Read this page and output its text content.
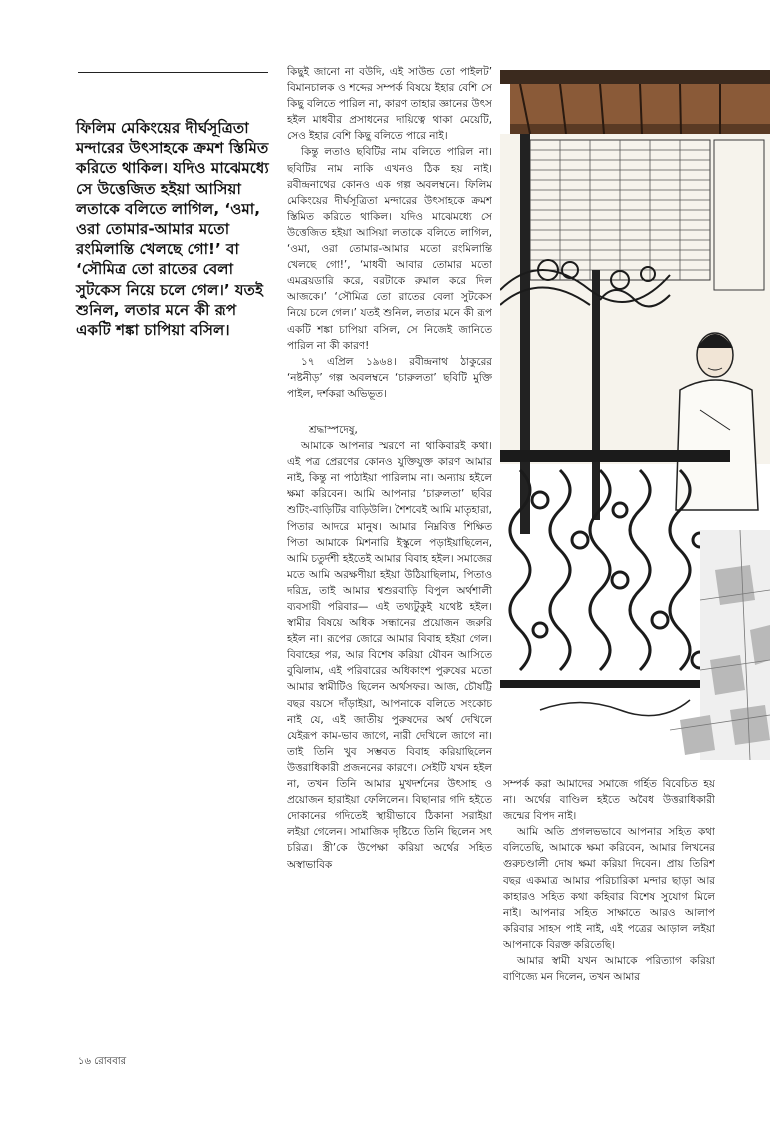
ফিলিম মেকিংয়ের দীর্ঘসূত্রিতা মন্দারের উৎসাহকে ক্রমশ স্তিমিত করিতে থাকিল। যদিও মাঝেমধ্যে সে উত্তেজিত হইয়া আসিয়া লতাকে বলিতে লাগিল, ‘ওমা, ওরা তোমার-আমার মতো রংমিলান্তি খেলছে গো!’ বা ‘সৌমিত্র তো রাতের বেলা সুটকেস নিয়ে চলে গেল।’ যতই শুনিল, লতার মনে কী রূপ একটি শঙ্কা চাপিয়া বসিল।

কিছুই জানো না বউদি, এই সাউন্ড তো পাইলট’ বিমানচালক ও শব্দের সম্পর্ক বিষয়ে ইহার বেশি সে কিছু বলিতে পারিল না, কারণ তাহার জ্ঞানের উৎস হইল মাধবীর প্রসাধনের দায়িত্বে থাকা মেয়েটি, সেও ইহার বেশি কিছু বলিতে পারে নাই।

কিন্তু লতাও ছবিটির নাম বলিতে পারিল না। ছবিটির নাম নাকি এখনও ঠিক হয় নাই। রবীন্দ্রনাথের কোনও এক গল্প অবলম্বনে। ফিলিম মেকিংয়ের দীর্ঘসূত্রিতা মন্দারের উৎসাহকে ক্রমশ স্তিমিত করিতে থাকিল। যদিও মাঝেমধ্যে সে উত্তেজিত হইয়া আসিয়া লতাকে বলিতে লাগিল, ‘ওমা, ওরা তোমার-আমার মতো রংমিলান্তি খেলছে গো!’, ‘মাধবী আবার তোমার মতো এমব্রয়ডারি করে, বরটাকে রুমাল করে দিল আজকে।’ ‘সৌমিত্র তো রাতের বেলা সুটকেস নিয়ে চলে গেল।’ যতই শুনিল, লতার মনে কী রূপ একটি শঙ্কা চাপিয়া বসিল, সে নিজেই জানিতে পারিল না কী কারণ!

১৭ এপ্রিল ১৯৬৪। রবীন্দ্রনাথ ঠাকুরের ‘নষ্টনীড়’ গল্প অবলম্বনে ‘চারুলতা’ ছবিটি মুক্তি পাইল, দর্শকরা অভিভূত।

শ্রদ্ধাস্পদেষু,

আমাকে আপনার স্মরণে না থাকিবারই কথা। এই পত্র প্রেরণের কোনও যুক্তিযুক্ত কারণ আমার নাই, কিন্তু না পাঠাইয়া পারিলাম না। অন্যায় হইলে ক্ষমা করিবেন। আমি আপনার ‘চারুলতা’ ছবির শুটিং-বাড়িটির বাড়িউলি। শৈশবেই আমি মাতৃহারা, পিতার আদরে মানুষ। আমার নিম্নবিত্ত শিক্ষিত পিতা আমাকে মিশনারি ইস্কুলে পড়াইয়াছিলেন, আমি চতুর্দশী হইতেই আমার বিবাহ হইল। সমাজের মতে আমি অরক্ষণীয়া হইয়া উঠিয়াছিলাম, পিতাও দরিদ্র, তাই আমার শ্বশুরবাড়ি বিপুল অর্থশালী ব্যবসায়ী পরিবার— এই তথ্যটুকুই যথেষ্ট হইল। স্বামীর বিষয়ে অধিক সন্ধানের প্রয়োজন জরুরি হইল না। রূপের জোরে আমার বিবাহ হইয়া গেল। বিবাহের পর, আর বিশেষ করিয়া যৌবন আসিতে বুঝিলাম, এই পরিবারের অধিকাংশ পুরুষের মতো আমার স্বামীটিও ছিলেন অর্থসফর। আজ, চৌষট্টি বছর বয়সে দাঁড়াইয়া, আপনাকে বলিতে সংকোচ নাই যে, এই জাতীয় পুরুষদের অর্থ দেখিলে যেইরূপ কাম-ভাব জাগে, নারী দেখিলে জাগে না। তাই তিনি খুব সম্ভবত বিবাহ করিয়াছিলেন উত্তরাধিকারী প্রজননের কারণে। সেইটি যখন হইল না, তখন তিনি আমার মুখদর্শনের উৎসাহ ও প্রয়োজন হারাইয়া ফেলিলেন। বিছানার গদি হইতে দোকানের গদিতেই স্থায়ীভাবে ঠিকানা সরাইয়া লইয়া গেলেন। সামাজিক দৃষ্টিতে তিনি ছিলেন সৎ চরিত্র। স্ত্রী’কে উপেক্ষা করিয়া অর্থের সহিত অস্বাভাবিক

সম্পর্ক করা আমাদের সমাজে গর্হিত বিবেচিত হয় না। অর্থের বাণ্ডিল হইতে অবৈধ উত্তরাধিকারী জন্মের বিপদ নাই।

আমি অতি প্রগলভভাবে আপনার সহিত কথা বলিতেছি, আমাকে ক্ষমা করিবেন, আমার লিখনের গুরুচণ্ডালী দোষ ক্ষমা করিয়া দিবেন। প্রায় তিরিশ বছর একমাত্র আমার পরিচারিকা মন্দার ছাড়া আর কাহারও সহিত কথা কহিবার বিশেষ সুযোগ মিলে নাই। আপনার সহিত সাক্ষাতে আরও আলাপ করিবার সাহস পাই নাই, এই পত্রের আড়াল লইয়া আপনাকে বিরক্ত করিতেছি।

আমার স্বামী যখন আমাকে পরিত্যাগ করিয়া বাণিজ্যে মন দিলেন, তখন আমার

১৬ রোববার
